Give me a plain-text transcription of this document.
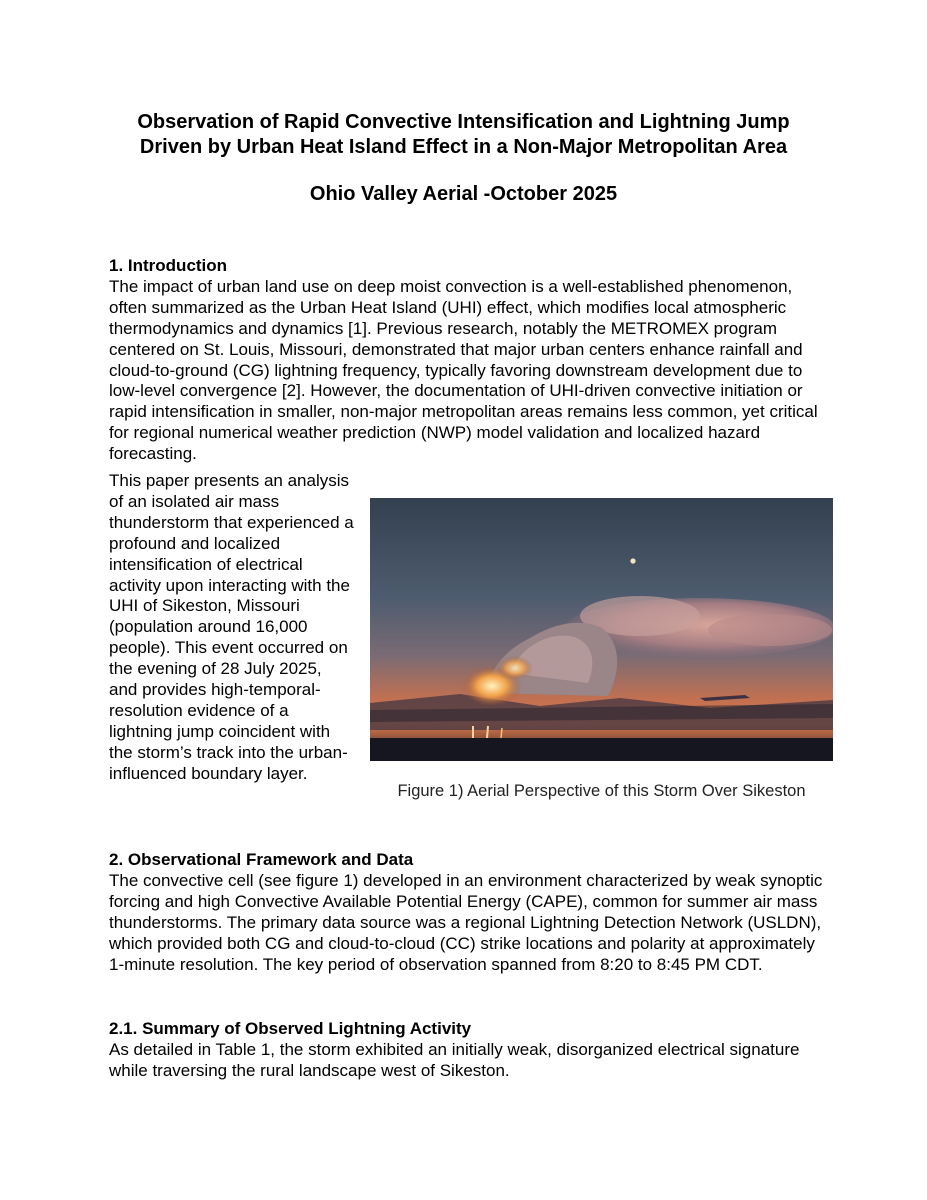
Observation of Rapid Convective Intensification and Lightning Jump
Driven by Urban Heat Island Effect in a Non-Major Metropolitan Area
Ohio Valley Aerial -October 2025

1. Introduction

The impact of urban land use on deep moist convection is a well-established phenomenon, often summarized as the Urban Heat Island (UHI) effect, which modifies local atmospheric thermodynamics and dynamics [1]. Previous research, notably the METROMEX program centered on St. Louis, Missouri, demonstrated that major urban centers enhance rainfall and cloud-to-ground (CG) lightning frequency, typically favoring downstream development due to low-level convergence [2]. However, the documentation of UHI-driven convective initiation or rapid intensification in smaller, non-major metropolitan areas remains less common, yet critical for regional numerical weather prediction (NWP) model validation and localized hazard forecasting.

This paper presents an analysis of an isolated air mass thunderstorm that experienced a profound and localized intensification of electrical activity upon interacting with the UHI of Sikeston, Missouri (population around 16,000 people). This event occurred on the evening of 28 July 2025, and provides high-temporal-resolution evidence of a lightning jump coincident with the storm’s track into the urban-influenced boundary layer.

Figure 1) Aerial Perspective of this Storm Over Sikeston

2. Observational Framework and Data

The convective cell (see figure 1) developed in an environment characterized by weak synoptic forcing and high Convective Available Potential Energy (CAPE), common for summer air mass thunderstorms. The primary data source was a regional Lightning Detection Network (USLDN), which provided both CG and cloud-to-cloud (CC) strike locations and polarity at approximately 1-minute resolution. The key period of observation spanned from 8:20 to 8:45 PM CDT.

2.1. Summary of Observed Lightning Activity

As detailed in Table 1, the storm exhibited an initially weak, disorganized electrical signature while traversing the rural landscape west of Sikeston.
